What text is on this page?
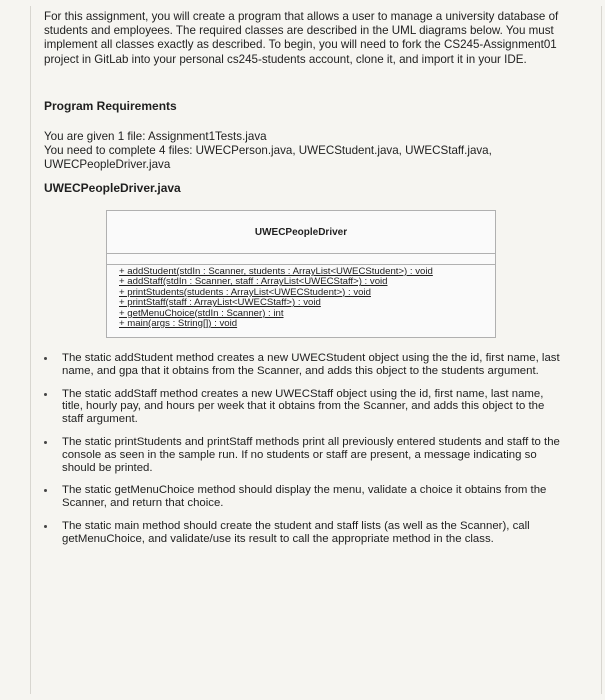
For this assignment, you will create a program that allows a user to manage a university database of students and employees. The required classes are described in the UML diagrams below. You must implement all classes exactly as described. To begin, you will need to fork the CS245-Assignment01 project in GitLab into your personal cs245-students account, clone it, and import it in your IDE.

Program Requirements

You are given 1 file: Assignment1Tests.java
You need to complete 4 files: UWECPerson.java, UWECStudent.java, UWECStaff.java, UWECPeopleDriver.java

UWECPeopleDriver.java

UWECPeopleDriver
+ addStudent(stdIn : Scanner, students : ArrayList<UWECStudent>) : void
+ addStaff(stdIn : Scanner, staff : ArrayList<UWECStaff>) : void
+ printStudents(students : ArrayList<UWECStudent>) : void
+ printStaff(staff : ArrayList<UWECStaff>) : void
+ getMenuChoice(stdIn : Scanner) : int
+ main(args : String[]) : void
The static addStudent method creates a new UWECStudent object using the the id, first name, last name, and gpa that it obtains from the Scanner, and adds this object to the students argument.
The static addStaff method creates a new UWECStaff object using the id, first name, last name, title, hourly pay, and hours per week that it obtains from the Scanner, and adds this object to the staff argument.
The static printStudents and printStaff methods print all previously entered students and staff to the console as seen in the sample run. If no students or staff are present, a message indicating so should be printed.
The static getMenuChoice method should display the menu, validate a choice it obtains from the Scanner, and return that choice.
The static main method should create the student and staff lists (as well as the Scanner), call getMenuChoice, and validate/use its result to call the appropriate method in the class.
